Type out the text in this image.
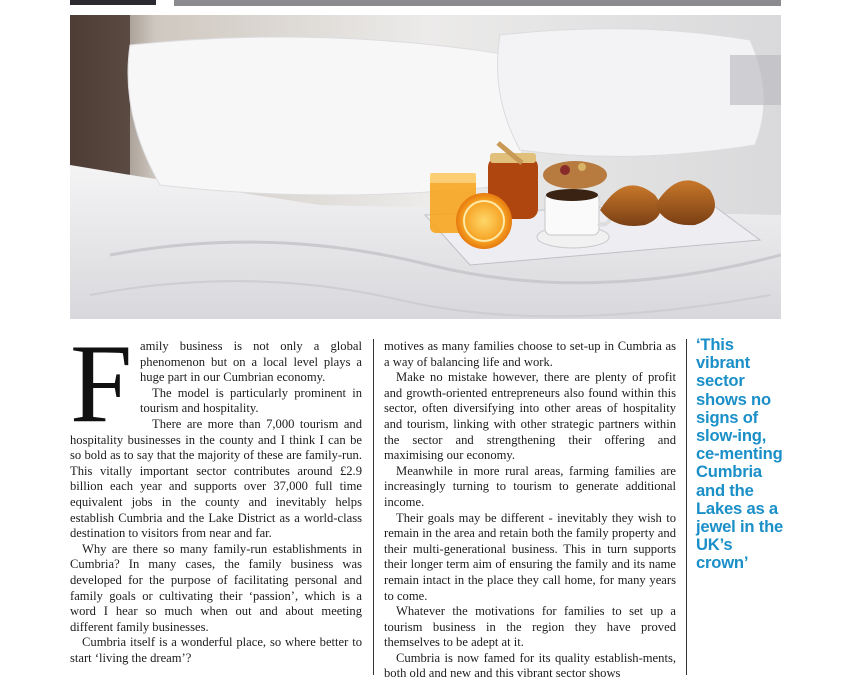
F amily business is not only a global phenomenon but on a local level plays a huge part in our Cumbrian economy.

The model is particularly prominent in tourism and hospitality.

There are more than 7,000 tourism and hospitality businesses in the county and I think I can be so bold as to say that the majority of these are family-run. This vitally important sector contributes around £2.9 billion each year and supports over 37,000 full time equivalent jobs in the county and inevitably helps establish Cumbria and the Lake District as a world-class destination to visitors from near and far.

Why are there so many family-run establishments in Cumbria? In many cases, the family business was developed for the purpose of facilitating personal and family goals or cultivating their ‘passion’, which is a word I hear so much when out and about meeting different family businesses.

Cumbria itself is a wonderful place, so where better to start ‘living the dream’?

motives as many families choose to set-up in Cumbria as a way of balancing life and work.

Make no mistake however, there are plenty of profit and growth-oriented entrepreneurs also found within this sector, often diversifying into other areas of hospitality and tourism, linking with other strategic partners within the sector and strengthening their offering and maximising our economy.

Meanwhile in more rural areas, farming families are increasingly turning to tourism to generate additional income.

Their goals may be different - inevitably they wish to remain in the area and retain both the family property and their multi-generational business. This in turn supports their longer term aim of ensuring the family and its name remain intact in the place they call home, for many years to come.

Whatever the motivations for families to set up a tourism business in the region they have proved themselves to be adept at it.

Cumbria is now famed for its quality establish-ments, both old and new and this vibrant sector shows

‘This vibrant sector shows no signs of slow-ing, ce-menting Cumbria and the Lakes as a jewel in the UK’s crown’
